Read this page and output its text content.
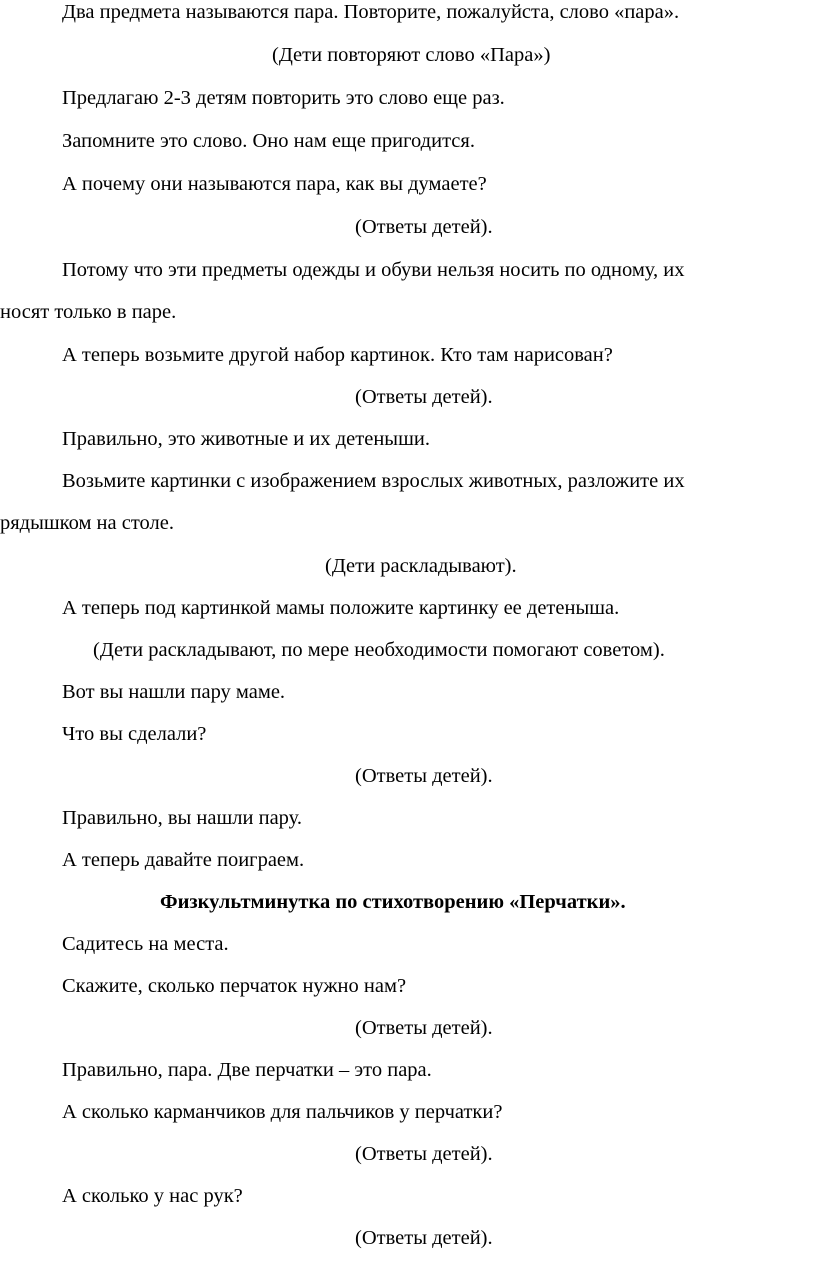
Два предмета называются пара. Повторите, пожалуйста, слово «пара».
(Дети повторяют слово «Пара»)
Предлагаю 2-3 детям повторить это слово еще раз.
Запомните это слово. Оно нам еще пригодится.
А почему они называются пара, как вы думаете?
(Ответы детей).
Потому что эти предметы одежды и обуви нельзя носить по одному, их
носят только в паре.
А теперь возьмите другой набор картинок. Кто там нарисован?
(Ответы детей).
Правильно, это животные и их детеныши.
Возьмите картинки с изображением взрослых животных, разложите их
рядышком на столе.
(Дети раскладывают).
А теперь под картинкой мамы положите картинку ее детеныша.
(Дети раскладывают, по мере необходимости помогают советом).
Вот вы нашли пару маме.
Что вы сделали?
(Ответы детей).
Правильно, вы нашли пару.
А теперь давайте поиграем.
Физкультминутка по стихотворению «Перчатки».
Садитесь на места.
Скажите, сколько перчаток нужно нам?
(Ответы детей).
Правильно, пара. Две перчатки – это пара.
А сколько карманчиков для пальчиков у перчатки?
(Ответы детей).
А сколько у нас рук?
(Ответы детей).
